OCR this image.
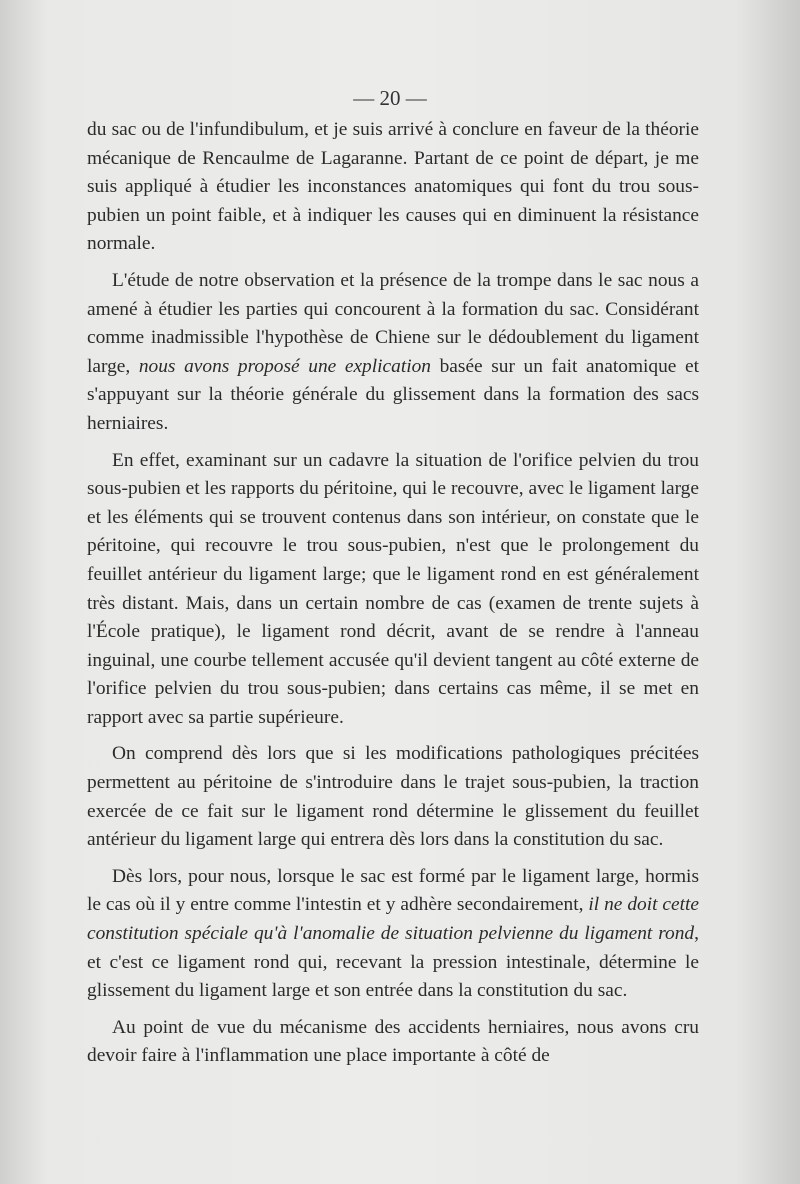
— 20 —

du sac ou de l'infundibulum, et je suis arrivé à conclure en faveur de la théorie mécanique de Rencaulme de Lagaranne. Partant de ce point de départ, je me suis appliqué à étudier les inconstances anatomiques qui font du trou sous-pubien un point faible, et à indiquer les causes qui en diminuent la résistance normale.

L'étude de notre observation et la présence de la trompe dans le sac nous a amené à étudier les parties qui concourent à la formation du sac. Considérant comme inadmissible l'hypothèse de Chiene sur le dédoublement du ligament large, nous avons proposé une explication basée sur un fait anatomique et s'appuyant sur la théorie générale du glissement dans la formation des sacs herniaires.

En effet, examinant sur un cadavre la situation de l'orifice pelvien du trou sous-pubien et les rapports du péritoine, qui le recouvre, avec le ligament large et les éléments qui se trouvent contenus dans son intérieur, on constate que le péritoine, qui recouvre le trou sous-pubien, n'est que le prolongement du feuillet antérieur du ligament large; que le ligament rond en est généralement très distant. Mais, dans un certain nombre de cas (examen de trente sujets à l'École pratique), le ligament rond décrit, avant de se rendre à l'anneau inguinal, une courbe tellement accusée qu'il devient tangent au côté externe de l'orifice pelvien du trou sous-pubien; dans certains cas même, il se met en rapport avec sa partie supérieure.

On comprend dès lors que si les modifications pathologiques précitées permettent au péritoine de s'introduire dans le trajet sous-pubien, la traction exercée de ce fait sur le ligament rond détermine le glissement du feuillet antérieur du ligament large qui entrera dès lors dans la constitution du sac.

Dès lors, pour nous, lorsque le sac est formé par le ligament large, hormis le cas où il y entre comme l'intestin et y adhère secondairement, il ne doit cette constitution spéciale qu'à l'anomalie de situation pelvienne du ligament rond, et c'est ce ligament rond qui, recevant la pression intestinale, détermine le glissement du ligament large et son entrée dans la constitution du sac.

Au point de vue du mécanisme des accidents herniaires, nous avons cru devoir faire à l'inflammation une place importante à côté de
